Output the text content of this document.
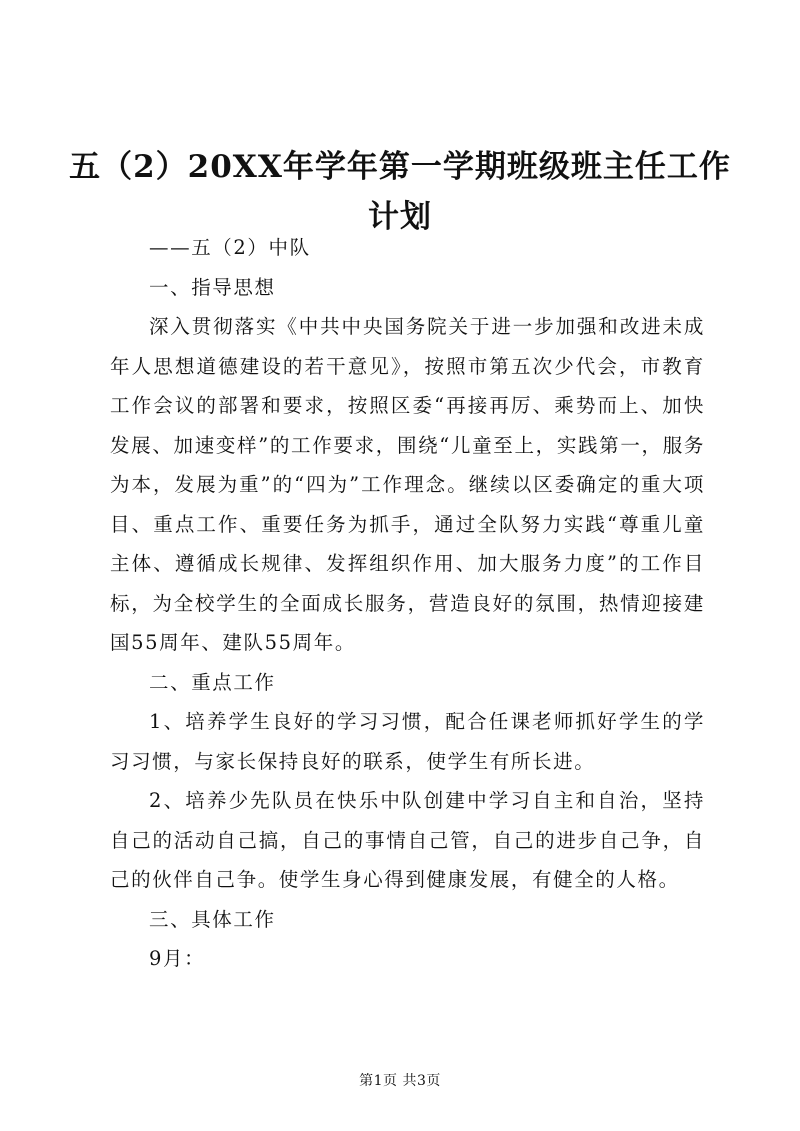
五（2）20XX年学年第一学期班级班主任工作计划

——五（2）中队

一、指导思想

深入贯彻落实《中共中央国务院关于进一步加强和改进未成年人思想道德建设的若干意见》，按照市第五次少代会，市教育工作会议的部署和要求，按照区委“再接再厉、乘势而上、加快发展、加速变样”的工作要求，围绕“儿童至上，实践第一，服务为本，发展为重”的“四为”工作理念。继续以区委确定的重大项目、重点工作、重要任务为抓手，通过全队努力实践“尊重儿童主体、遵循成长规律、发挥组织作用、加大服务力度”的工作目标，为全校学生的全面成长服务，营造良好的氛围，热情迎接建国55周年、建队55周年。

二、重点工作

1、培养学生良好的学习习惯，配合任课老师抓好学生的学习习惯，与家长保持良好的联系，使学生有所长进。

2、培养少先队员在快乐中队创建中学习自主和自治，坚持自己的活动自己搞，自己的事情自己管，自己的进步自己争，自己的伙伴自己争。使学生身心得到健康发展，有健全的人格。

三、具体工作

9月：

第1页 共3页
